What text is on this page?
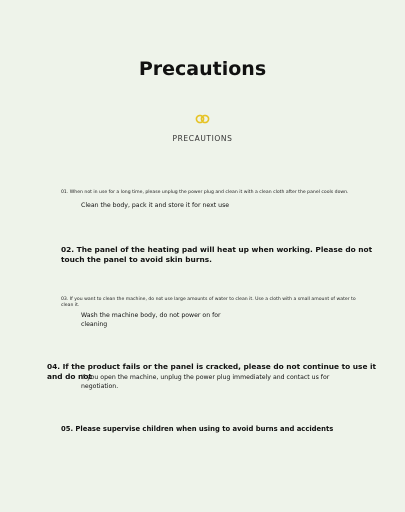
Precautions
PRECAUTIONS
01. When not in use for a long time, please unplug the power plug and clean it with a clean cloth after the panel cools down.
Clean the body, pack it and store it for next use
02. The panel of the heating pad will heat up when working. Please do not touch the panel to avoid skin burns.
03. If you want to clean the machine, do not use large amounts of water to clean it. Use a cloth with a small amount of water to clean it.
Wash the machine body, do not power on for cleaning
04. If the product fails or the panel is cracked, please do not continue to use it and do not
If you open the machine, unplug the power plug immediately and contact us for negotiation.
05. Please supervise children when using to avoid burns and accidents
